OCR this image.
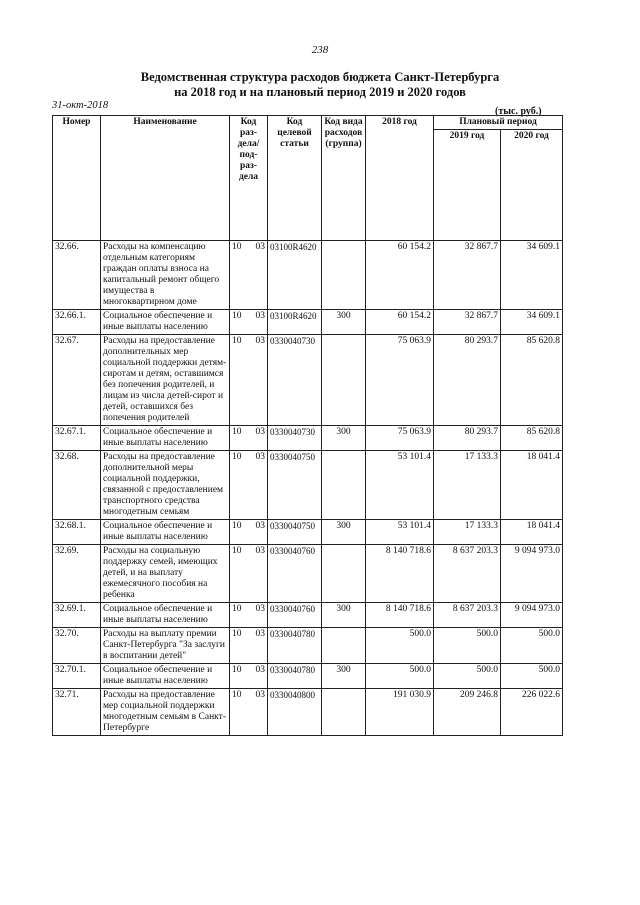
238
Ведомственная структура расходов бюджета Санкт-Петербурга
на 2018 год и на плановый период 2019 и 2020 годов
31-окт-2018
(тыс. руб.)
Номер	Наименование	Код раз-дела/ под-раз-дела	Код целевой статьи	Код вида расходов (группа)	2018 год	Плановый период	
						2019 год	2020 год
32.66.	Расходы на компенсацию отдельным категориям граждан оплаты взноса на капитальный ремонт общего имущества в многоквартирном доме	10 03	03100R4620		60 154.2	32 867.7	34 609.1
32.66.1.	Социальное обеспечение и иные выплаты населению	10 03	03100R4620	300	60 154.2	32 867.7	34 609.1
32.67.	Расходы на предоставление дополнительных мер социальной поддержки детям-сиротам и детям, оставшимся без попечения родителей, и лицам из числа детей-сирот и детей, оставшихся без попечения родителей	10 03	0330040730		75 063.9	80 293.7	85 620.8
32.67.1.	Социальное обеспечение и иные выплаты населению	10 03	0330040730	300	75 063.9	80 293.7	85 620.8
32.68.	Расходы на предоставление дополнительной меры социальной поддержки, связанной с предоставлением транспортного средства многодетным семьям	10 03	0330040750		53 101.4	17 133.3	18 041.4
32.68.1.	Социальное обеспечение и иные выплаты населению	10 03	0330040750	300	53 101.4	17 133.3	18 041.4
32.69.	Расходы на социальную поддержку семей, имеющих детей, и на выплату ежемесячного пособия на ребенка	10 03	0330040760		8 140 718.6	8 637 203.3	9 094 973.0
32.69.1.	Социальное обеспечение и иные выплаты населению	10 03	0330040760	300	8 140 718.6	8 637 203.3	9 094 973.0
32.70.	Расходы на выплату премии Санкт-Петербурга "За заслуги в воспитании детей"	10 03	0330040780		500.0	500.0	500.0
32.70.1.	Социальное обеспечение и иные выплаты населению	10 03	0330040780	300	500.0	500.0	500.0
32.71.	Расходы на предоставление мер социальной поддержки многодетным семьям в Санкт-Петербурге	10 03	0330040800		191 030.9	209 246.8	226 022.6
